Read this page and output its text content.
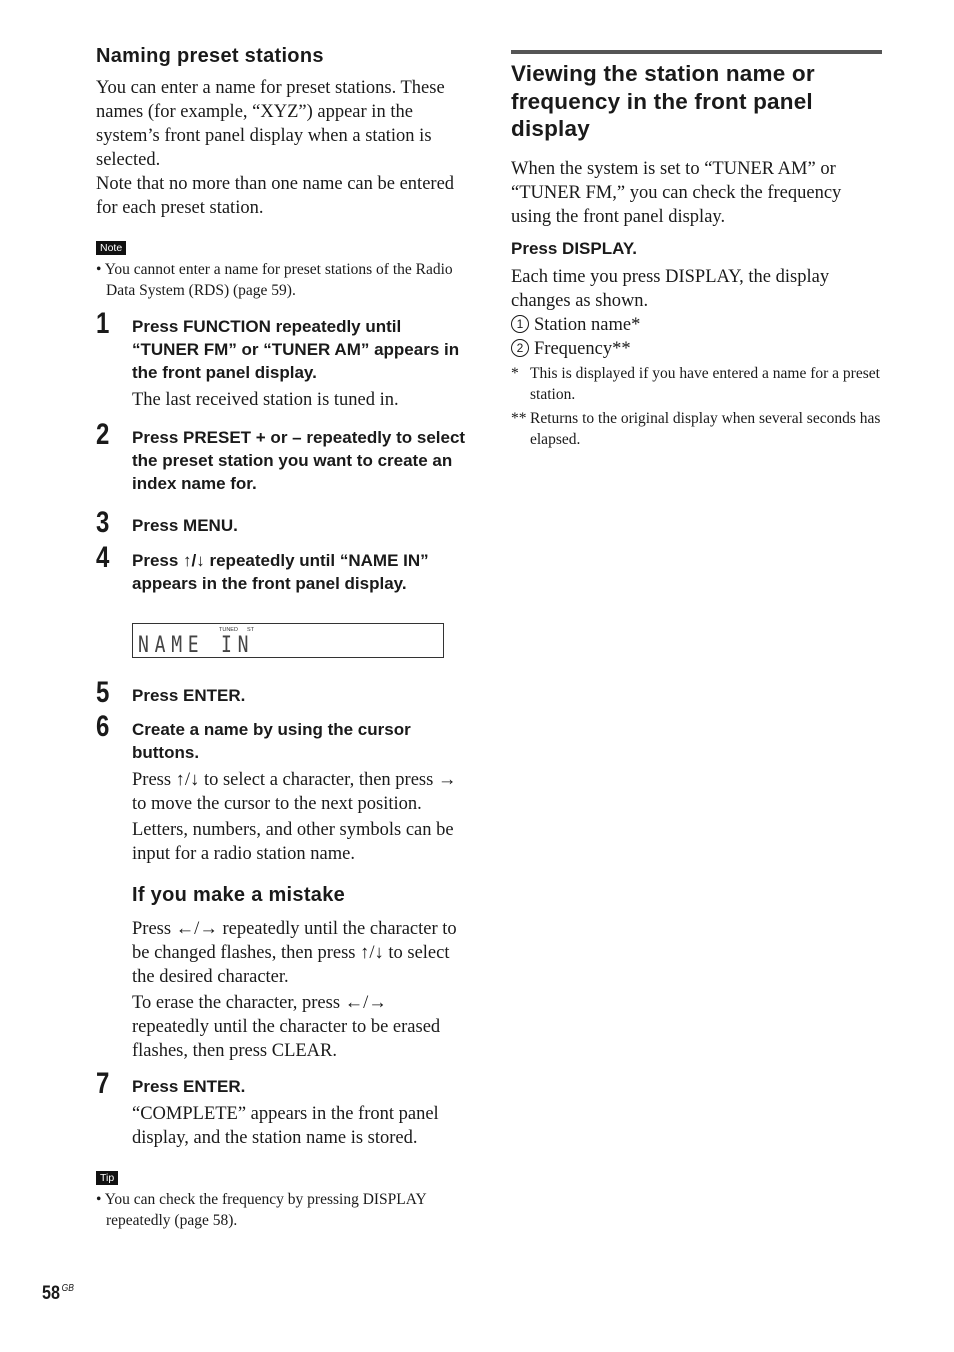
Naming preset stations

You can enter a name for preset stations. These names (for example, “XYZ”) appear in the system’s front panel display when a station is selected.

Note that no more than one name can be entered for each preset station.

Note

• You cannot enter a name for preset stations of the Radio Data System (RDS) (page 59).

1 Press FUNCTION repeatedly until “TUNER FM” or “TUNER AM” appears in the front panel display.

The last received station is tuned in.

2 Press PRESET + or – repeatedly to select the preset station you want to create an index name for.

3 Press MENU.

4 Press ↑/↓ repeatedly until “NAME IN” appears in the front panel display.

TUNED ST
NAME IN
5 Press ENTER.

6 Create a name by using the cursor buttons.

Press ↑/↓ to select a character, then press → to move the cursor to the next position.

Letters, numbers, and other symbols can be input for a radio station name.

If you make a mistake

Press ←/→ repeatedly until the character to be changed flashes, then press ↑/↓ to select the desired character.

To erase the character, press ←/→ repeatedly until the character to be erased flashes, then press CLEAR.

7 Press ENTER.

“COMPLETE” appears in the front panel display, and the station name is stored.

Tip

• You can check the frequency by pressing DISPLAY repeatedly (page 58).

Viewing the station name or frequency in the front panel display

When the system is set to “TUNER AM” or “TUNER FM,” you can check the frequency using the front panel display.

Press DISPLAY.

Each time you press DISPLAY, the display changes as shown.

1 Station name*

2 Frequency**

* This is displayed if you have entered a name for a preset station.

** Returns to the original display when several seconds has elapsed.

58 $^{GB}$
